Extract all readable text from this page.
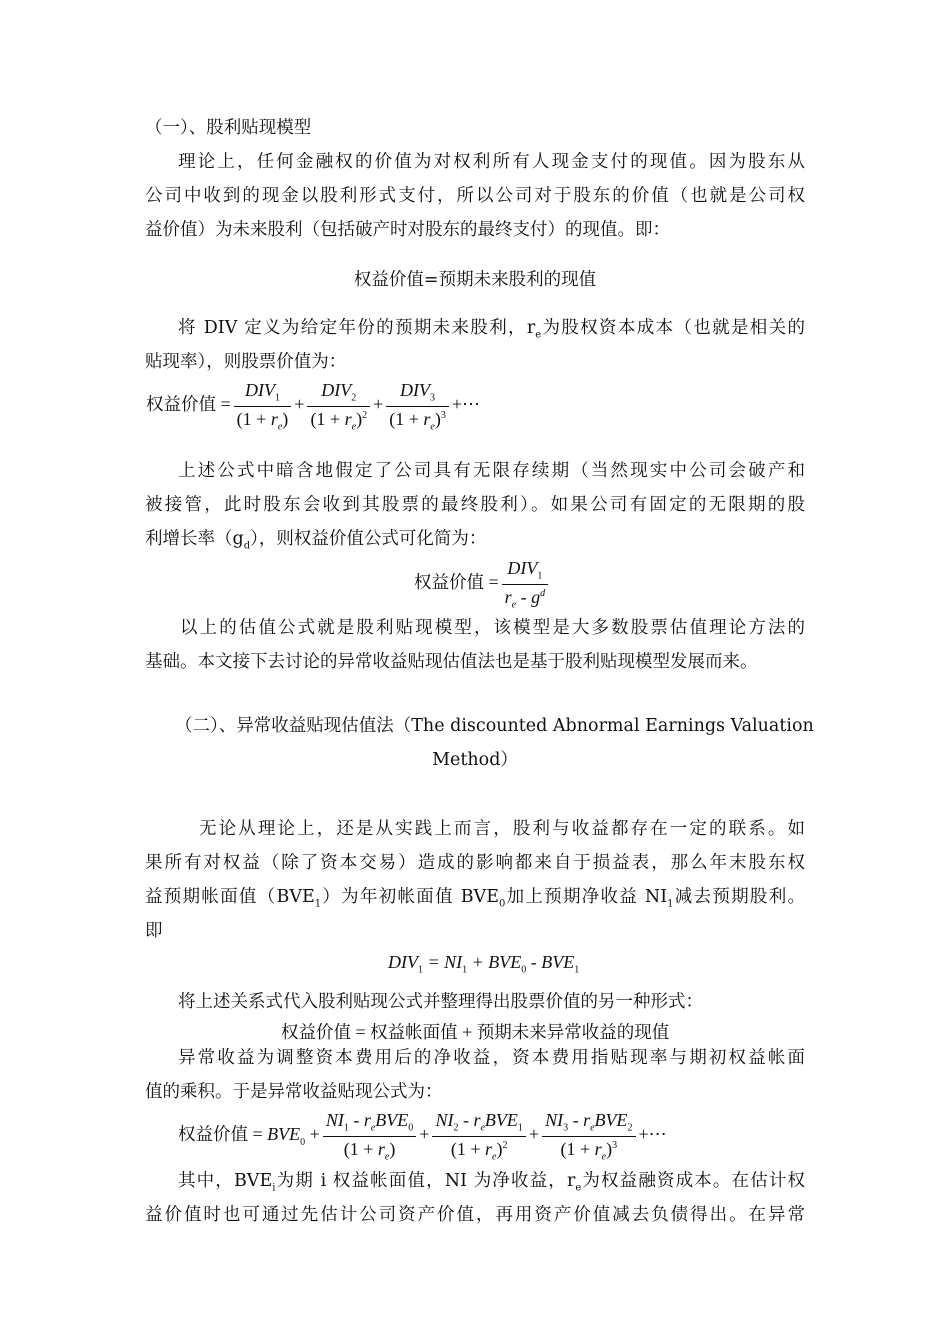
（一）、股利贴现模型
理论上，任何金融权的价值为对权利所有人现金支付的现值。因为股东从
公司中收到的现金以股利形式支付，所以公司对于股东的价值（也就是公司权
益价值）为未来股利（包括破产时对股东的最终支付）的现值。即：
权益价值=预期未来股利的现值
将 DIV 定义为给定年份的预期未来股利，$r_e$为股权资本成本（也就是相关的
贴现率），则股票价值为：
权益价值 = $\frac{DIV_1}{(1 + r_e)} + \frac{DIV_2}{(1 + r_e)^2} + \frac{DIV_3}{(1 + r_e)^3}$ +⋯
上述公式中暗含地假定了公司具有无限存续期（当然现实中公司会破产和
被接管，此时股东会收到其股票的最终股利）。如果公司有固定的无限期的股
利增长率$(g_d)$，则权益价值公式可化简为：
权益价值 = $\frac{DIV_1}{r_e - g^d}$
以上的估值公式就是股利贴现模型，该模型是大多数股票估值理论方法的
基础。本文接下去讨论的异常收益贴现估值法也是基于股利贴现模型发展而来。
（二）、异常收益贴现估值法（The discounted Abnormal Earnings Valuation
Method）
无论从理论上，还是从实践上而言，股利与收益都存在一定的联系。如
果所有对权益（除了资本交易）造成的影响都来自于损益表，那么年末股东权
益预期帐面值$(BVE_1)$为年初帐面值 $BVE_0$加上预期净收益 $NI_1$减去预期股利。
即
$DIV_1 = NI_1 + BVE_0 - BVE_1$
将上述关系式代入股利贴现公式并整理得出股票价值的另一种形式：
权益价值 = 权益帐面值 + 预期未来异常收益的现值
异常收益为调整资本费用后的净收益，资本费用指贴现率与期初权益帐面
值的乘积。于是异常收益贴现公式为：
权益价值 = $BVE_0 + \frac{NI_1 - r_eBVE_0}{(1 + r_e)} + \frac{NI_2 - r_eBVE_1}{(1 + r_e)^2} + \frac{NI_3 - r_eBVE_2}{(1 + r_e)^3}$ +⋯
其中，$BVE_i$为期 i 权益帐面值，NI 为净收益，$r_e$为权益融资成本。在估计权
益价值时也可通过先估计公司资产价值，再用资产价值减去负债得出。在异常
